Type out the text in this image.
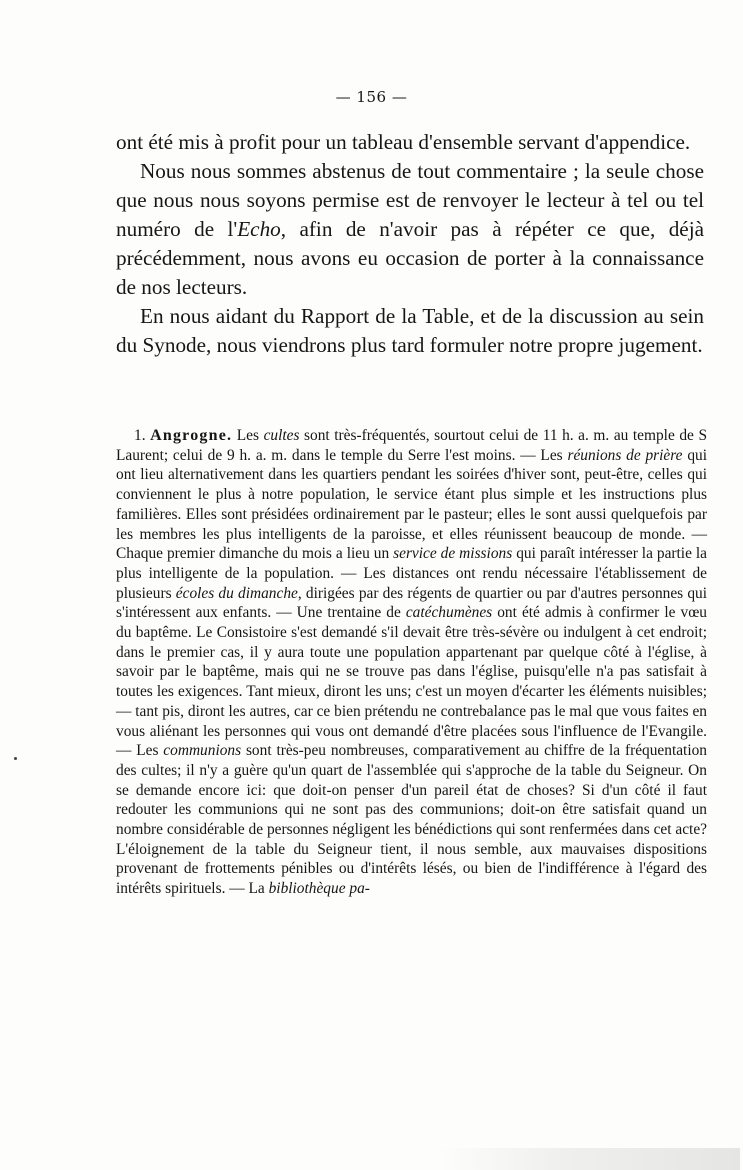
— 156 —

ont été mis à profit pour un tableau d'ensemble servant d'appendice.

Nous nous sommes abstenus de tout commentaire ; la seule chose que nous nous soyons permise est de renvoyer le lecteur à tel ou tel numéro de l'Echo, afin de n'avoir pas à répéter ce que, déjà précédemment, nous avons eu occasion de porter à la connaissance de nos lecteurs.

En nous aidant du Rapport de la Table, et de la discussion au sein du Synode, nous viendrons plus tard formuler notre propre jugement.

1. Angrogne. Les cultes sont très-fréquentés, sourtout celui de 11 h. a. m. au temple de S Laurent; celui de 9 h. a. m. dans le temple du Serre l'est moins. — Les réunions de prière qui ont lieu alternativement dans les quartiers pendant les soirées d'hiver sont, peut-être, celles qui conviennent le plus à notre population, le service étant plus simple et les instructions plus familières. Elles sont présidées ordinairement par le pasteur; elles le sont aussi quelquefois par les membres les plus intelligents de la paroisse, et elles réunissent beaucoup de monde. — Chaque premier dimanche du mois a lieu un service de missions qui paraît intéresser la partie la plus intelligente de la population. — Les distances ont rendu nécessaire l'établissement de plusieurs écoles du dimanche, dirigées par des régents de quartier ou par d'autres personnes qui s'intéressent aux enfants. — Une trentaine de catéchumènes ont été admis à confirmer le vœu du baptême. Le Consistoire s'est demandé s'il devait être très-sévère ou indulgent à cet endroit; dans le premier cas, il y aura toute une population appartenant par quelque côté à l'église, à savoir par le baptême, mais qui ne se trouve pas dans l'église, puisqu'elle n'a pas satisfait à toutes les exigences. Tant mieux, diront les uns; c'est un moyen d'écarter les éléments nuisibles; — tant pis, diront les autres, car ce bien prétendu ne contrebalance pas le mal que vous faites en vous aliénant les personnes qui vous ont demandé d'être placées sous l'influence de l'Evangile. — Les communions sont très-peu nombreuses, comparativement au chiffre de la fréquentation des cultes; il n'y a guère qu'un quart de l'assemblée qui s'approche de la table du Seigneur. On se demande encore ici: que doit-on penser d'un pareil état de choses? Si d'un côté il faut redouter les communions qui ne sont pas des communions; doit-on être satisfait quand un nombre considérable de personnes négligent les bénédictions qui sont renfermées dans cet acte? L'éloignement de la table du Seigneur tient, il nous semble, aux mauvaises dispositions provenant de frottements pénibles ou d'intérêts lésés, ou bien de l'indifférence à l'égard des intérêts spirituels. — La bibliothèque pa-
